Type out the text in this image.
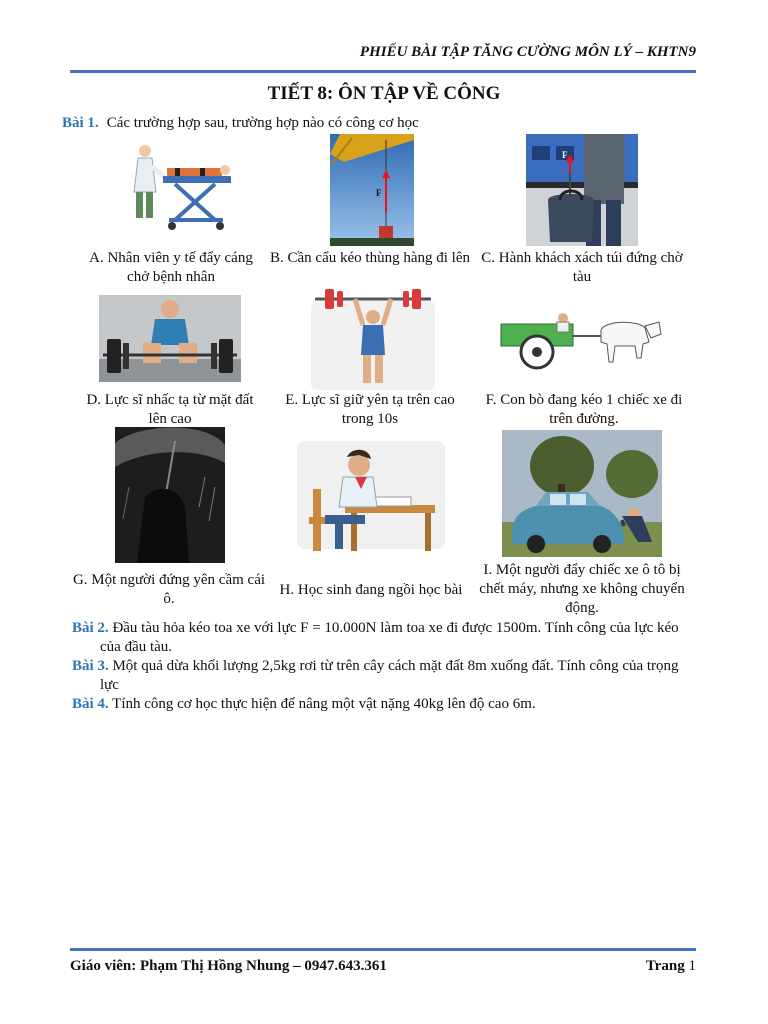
PHIẾU BÀI TẬP TĂNG CƯỜNG MÔN LÝ – KHTN9
TIẾT 8: ÔN TẬP VỀ CÔNG
Bài 1. Các trường hợp sau, trường hợp nào có công cơ học
A. Nhân viên y tế đẩy cáng chở bệnh nhân
F
B. Cần cẩu kéo thùng hàng đi lên
F
C. Hành khách xách túi đứng chờ tàu
D. Lực sĩ nhấc tạ từ mặt đất lên cao
E. Lực sĩ giữ yên tạ trên cao trong 10s
F. Con bò đang kéo 1 chiếc xe đi trên đường.
G. Một người đứng yên cầm cái ô.
H. Học sinh đang ngồi học bài
I. Một người đẩy chiếc xe ô tô bị chết máy, nhưng xe không chuyển động.

Bài 2. Đầu tàu hỏa kéo toa xe với lực F = 10.000N làm toa xe đi được 1500m. Tính công của lực kéo của đầu tàu.

Bài 3. Một quả dừa khối lượng 2,5kg rơi từ trên cây cách mặt đất 8m xuống đất. Tính công của trọng lực

Bài 4. Tính công cơ học thực hiện để nâng một vật nặng 40kg lên độ cao 6m.

Giáo viên: Phạm Thị Hồng Nhung – 0947.643.361	Trang 1
